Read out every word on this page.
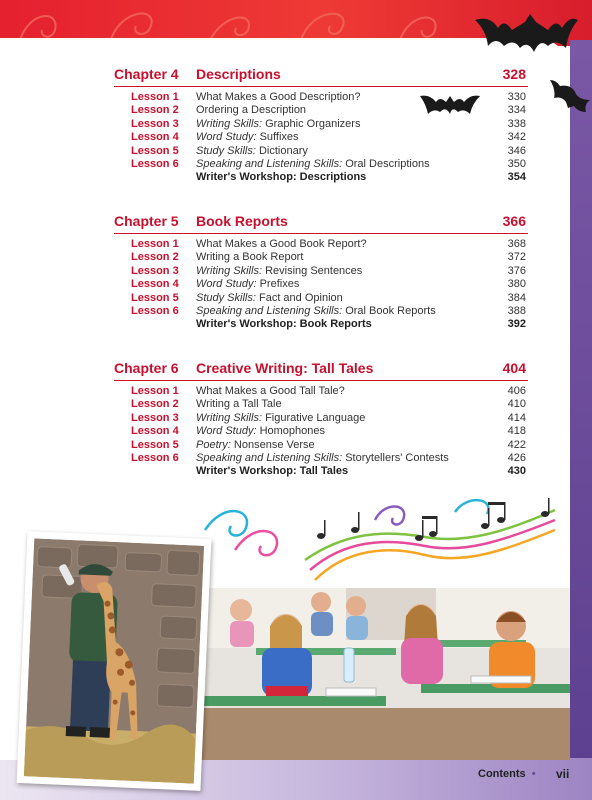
Chapter 4 Descriptions	328
Lesson 1 What Makes a Good Description?	330
Lesson 2 Ordering a Description	334
Lesson 3 Writing Skills: Graphic Organizers	338
Lesson 4 Word Study: Suffixes	342
Lesson 5 Study Skills: Dictionary	346
Lesson 6 Speaking and Listening Skills: Oral Descriptions	350
Writer's Workshop: Descriptions	354
Chapter 5 Book Reports	366
Lesson 1 What Makes a Good Book Report?	368
Lesson 2 Writing a Book Report	372
Lesson 3 Writing Skills: Revising Sentences	376
Lesson 4 Word Study: Prefixes	380
Lesson 5 Study Skills: Fact and Opinion	384
Lesson 6 Speaking and Listening Skills: Oral Book Reports	388
Writer's Workshop: Book Reports	392
Chapter 6 Creative Writing: Tall Tales	404
Lesson 1 What Makes a Good Tall Tale?	406
Lesson 2 Writing a Tall Tale	410
Lesson 3 Writing Skills: Figurative Language	414
Lesson 4 Word Study: Homophones	418
Lesson 5 Poetry: Nonsense Verse	422
Lesson 6 Speaking and Listening Skills: Storytellers' Contests	426
Writer's Workshop: Tall Tales	430
Contents • vii
